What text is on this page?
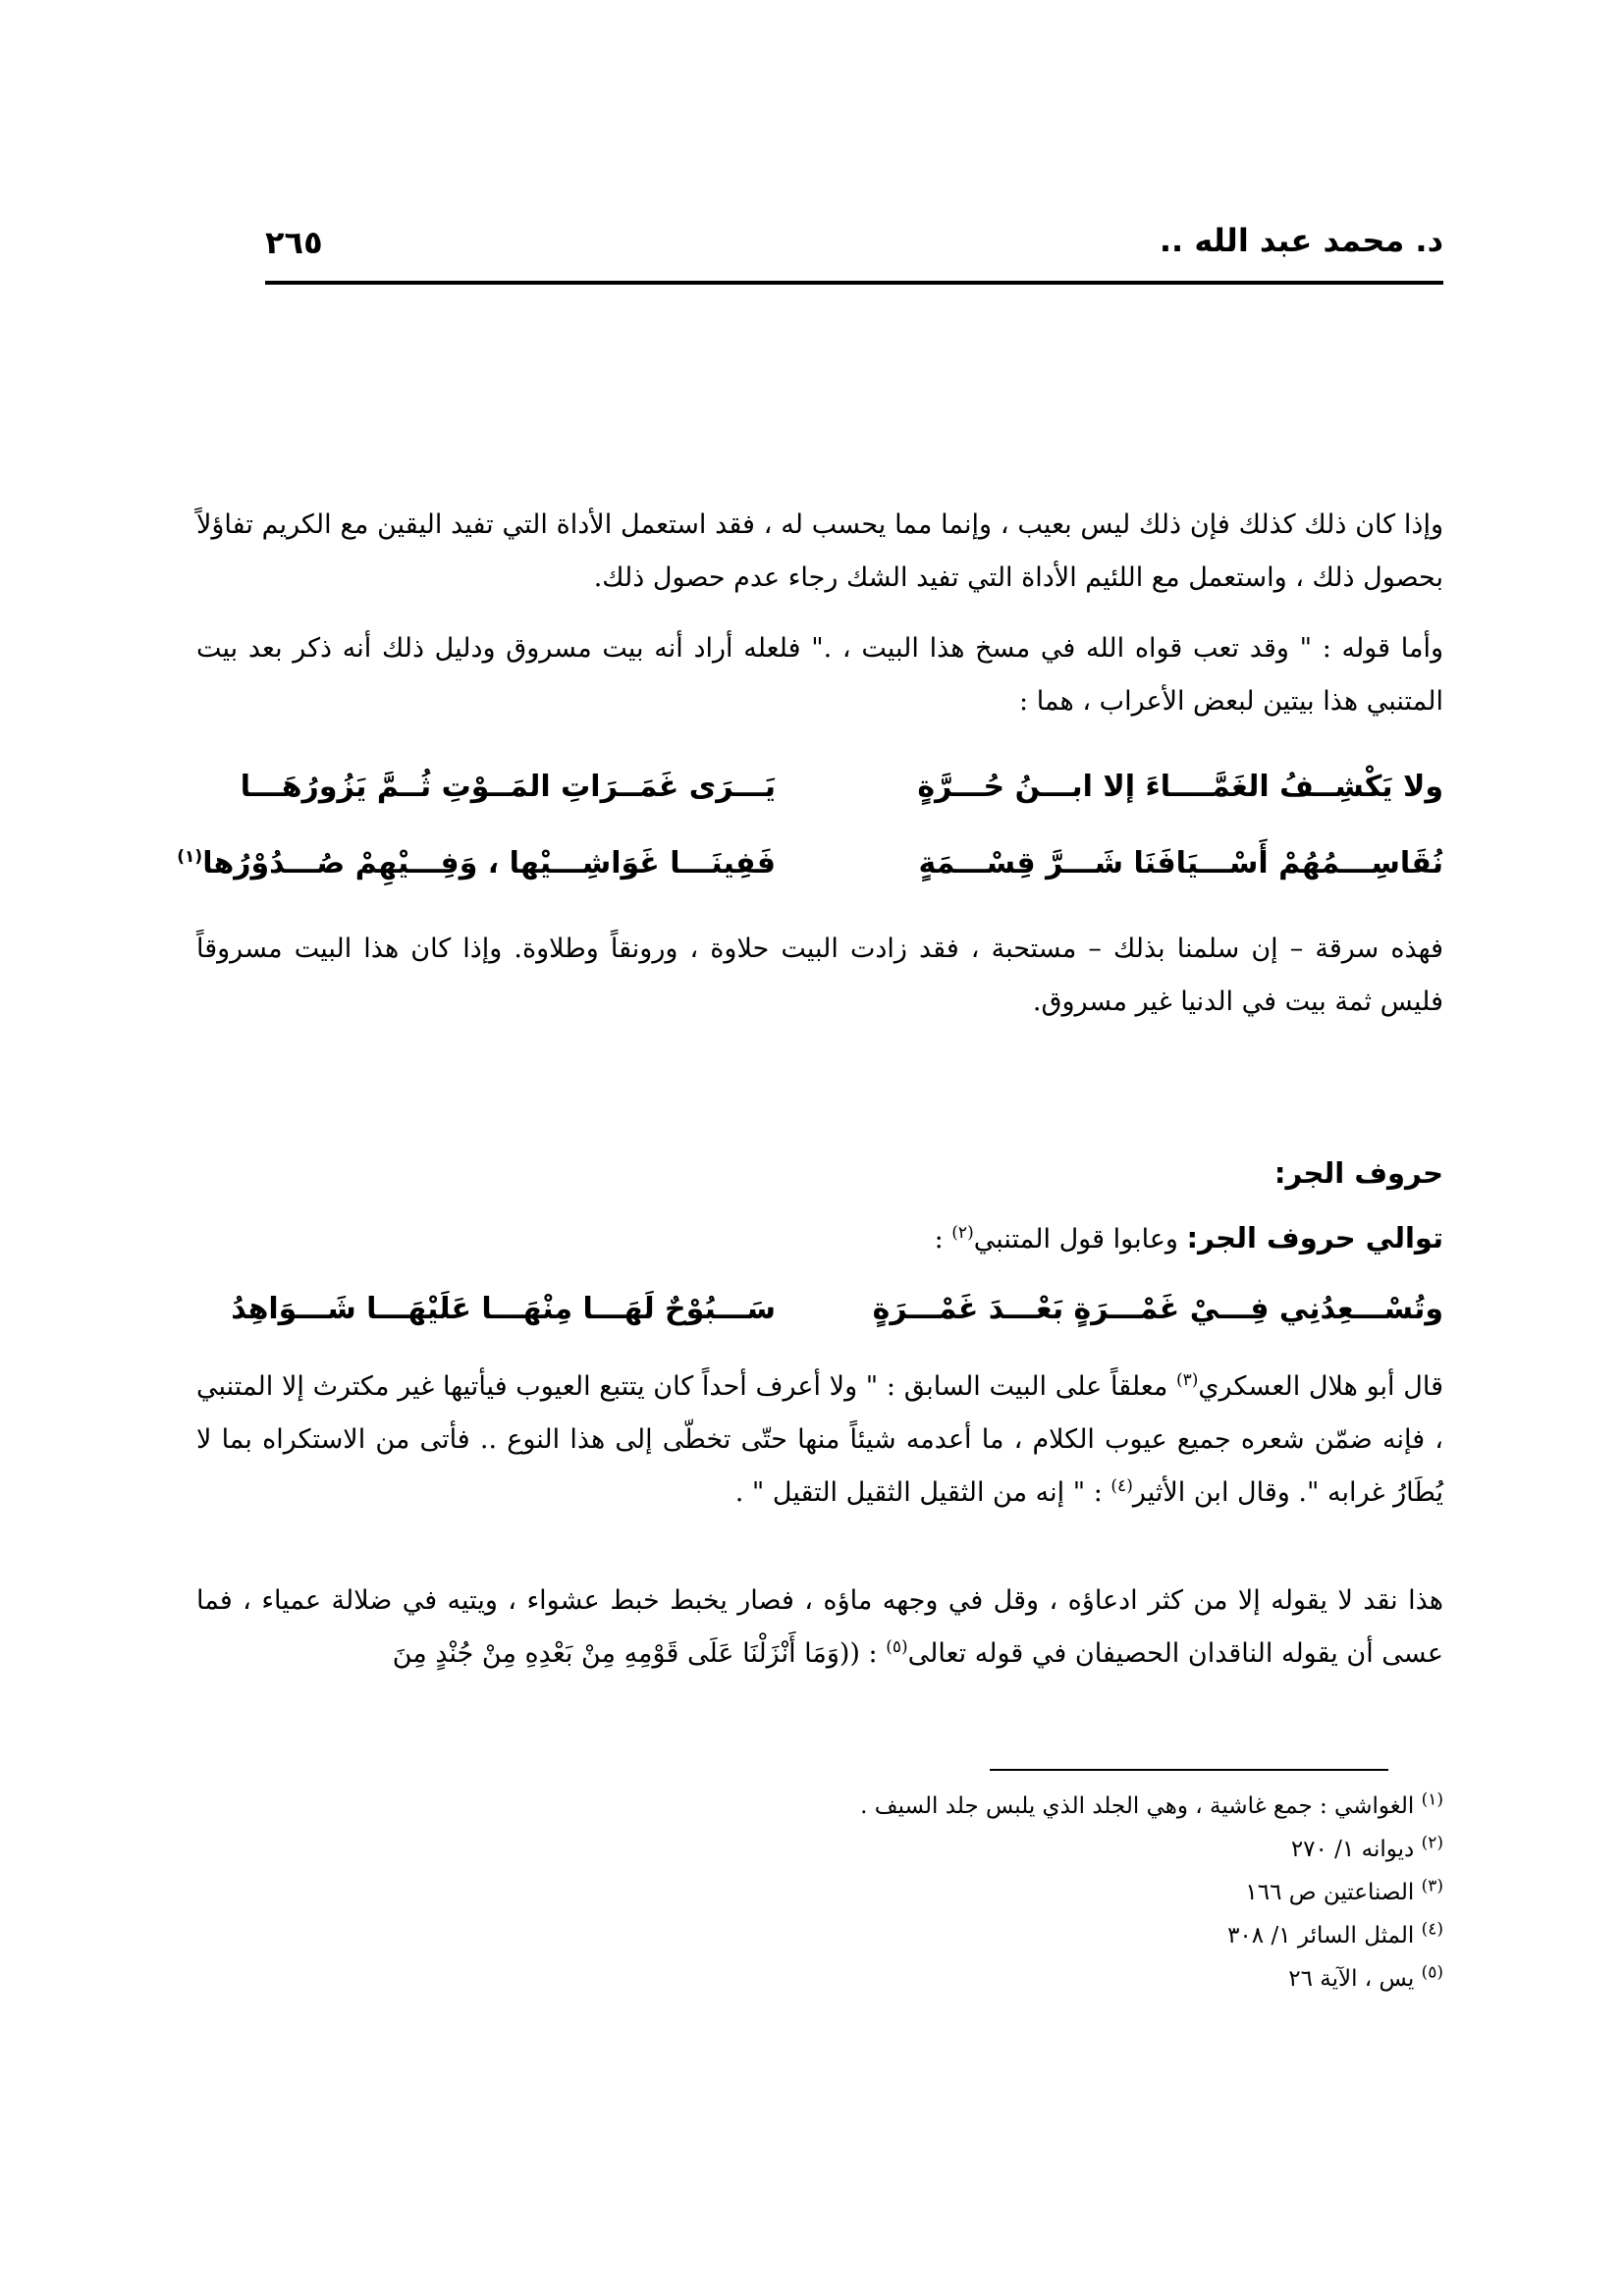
د. محمد عبد الله ..
٢٦٥

وإذا كان ذلك كذلك فإن ذلك ليس بعيب ، وإنما مما يحسب له ، فقد استعمل الأداة التي تفيد اليقين مع الكريم تفاؤلاً بحصول ذلك ، واستعمل مع اللئيم الأداة التي تفيد الشك رجاء عدم حصول ذلك.

وأما قوله : " وقد تعب قواه الله في مسخ هذا البيت ، ." فلعله أراد أنه بيت مسروق ودليل ذلك أنه ذكر بعد بيت المتنبي هذا بيتين لبعض الأعراب ، هما :

ولا يَكْشِــفُ الغَمَّــــاءَ إلا ابـــنُ حُـــرَّةٍ
يَـــرَى غَمَــرَاتِ المَــوْتِ ثُــمَّ يَزُورُهَـــا
نُقَاسِـــمُهُمْ أَسْـــيَافَنَا شَـــرَّ قِسْـــمَةٍ
فَفِينَـــا غَوَاشِـــيْها ، وَفِـــيْهِمْ صُـــدُوْرُها$^{(١)}$

فهذه سرقة – إن سلمنا بذلك – مستحبة ، فقد زادت البيت حلاوة ، ورونقاً وطلاوة. وإذا كان هذا البيت مسروقاً فليس ثمة بيت في الدنيا غير مسروق.

حروف الجر:
توالي حروف الجر: وعابوا قول المتنبي$^{(٢)}$ :
وتُسْـــعِدُنِي فِـــيْ غَمْـــرَةٍ بَعْـــدَ غَمْـــرَةٍ
سَـــبُوْحٌ لَهَـــا مِنْهَـــا عَلَيْهَـــا شَـــوَاهِدُ

قال أبو هلال العسكري$^{(٣)}$ معلقاً على البيت السابق : " ولا أعرف أحداً كان يتتبع العيوب فيأتيها غير مكترث إلا المتنبي ، فإنه ضمّن شعره جميع عيوب الكلام ، ما أعدمه شيئاً منها حتّى تخطّى إلى هذا النوع .. فأتى من الاستكراه بما لا يُطَارُ غرابه ". وقال ابن الأثير$^{(٤)}$ : " إنه من الثقيل الثقيل التقيل " .

هذا نقد لا يقوله إلا من كثر ادعاؤه ، وقل في وجهه ماؤه ، فصار يخبط خبط عشواء ، ويتيه في ضلالة عمياء ، فما عسى أن يقوله الناقدان الحصيفان في قوله تعالى$^{(٥)}$ : ((وَمَا أَنْزَلْنَا عَلَى قَوْمِهِ مِنْ بَعْدِهِ مِنْ جُنْدٍ مِنَ

$^{(١)}$ الغواشي : جمع غاشية ، وهي الجلد الذي يلبس جلد السيف .
$^{(٢)}$ ديوانه ١/ ٢٧٠
$^{(٣)}$ الصناعتين ص ١٦٦
$^{(٤)}$ المثل السائر ١/ ٣٠٨
$^{(٥)}$ يس ، الآية ٢٦
